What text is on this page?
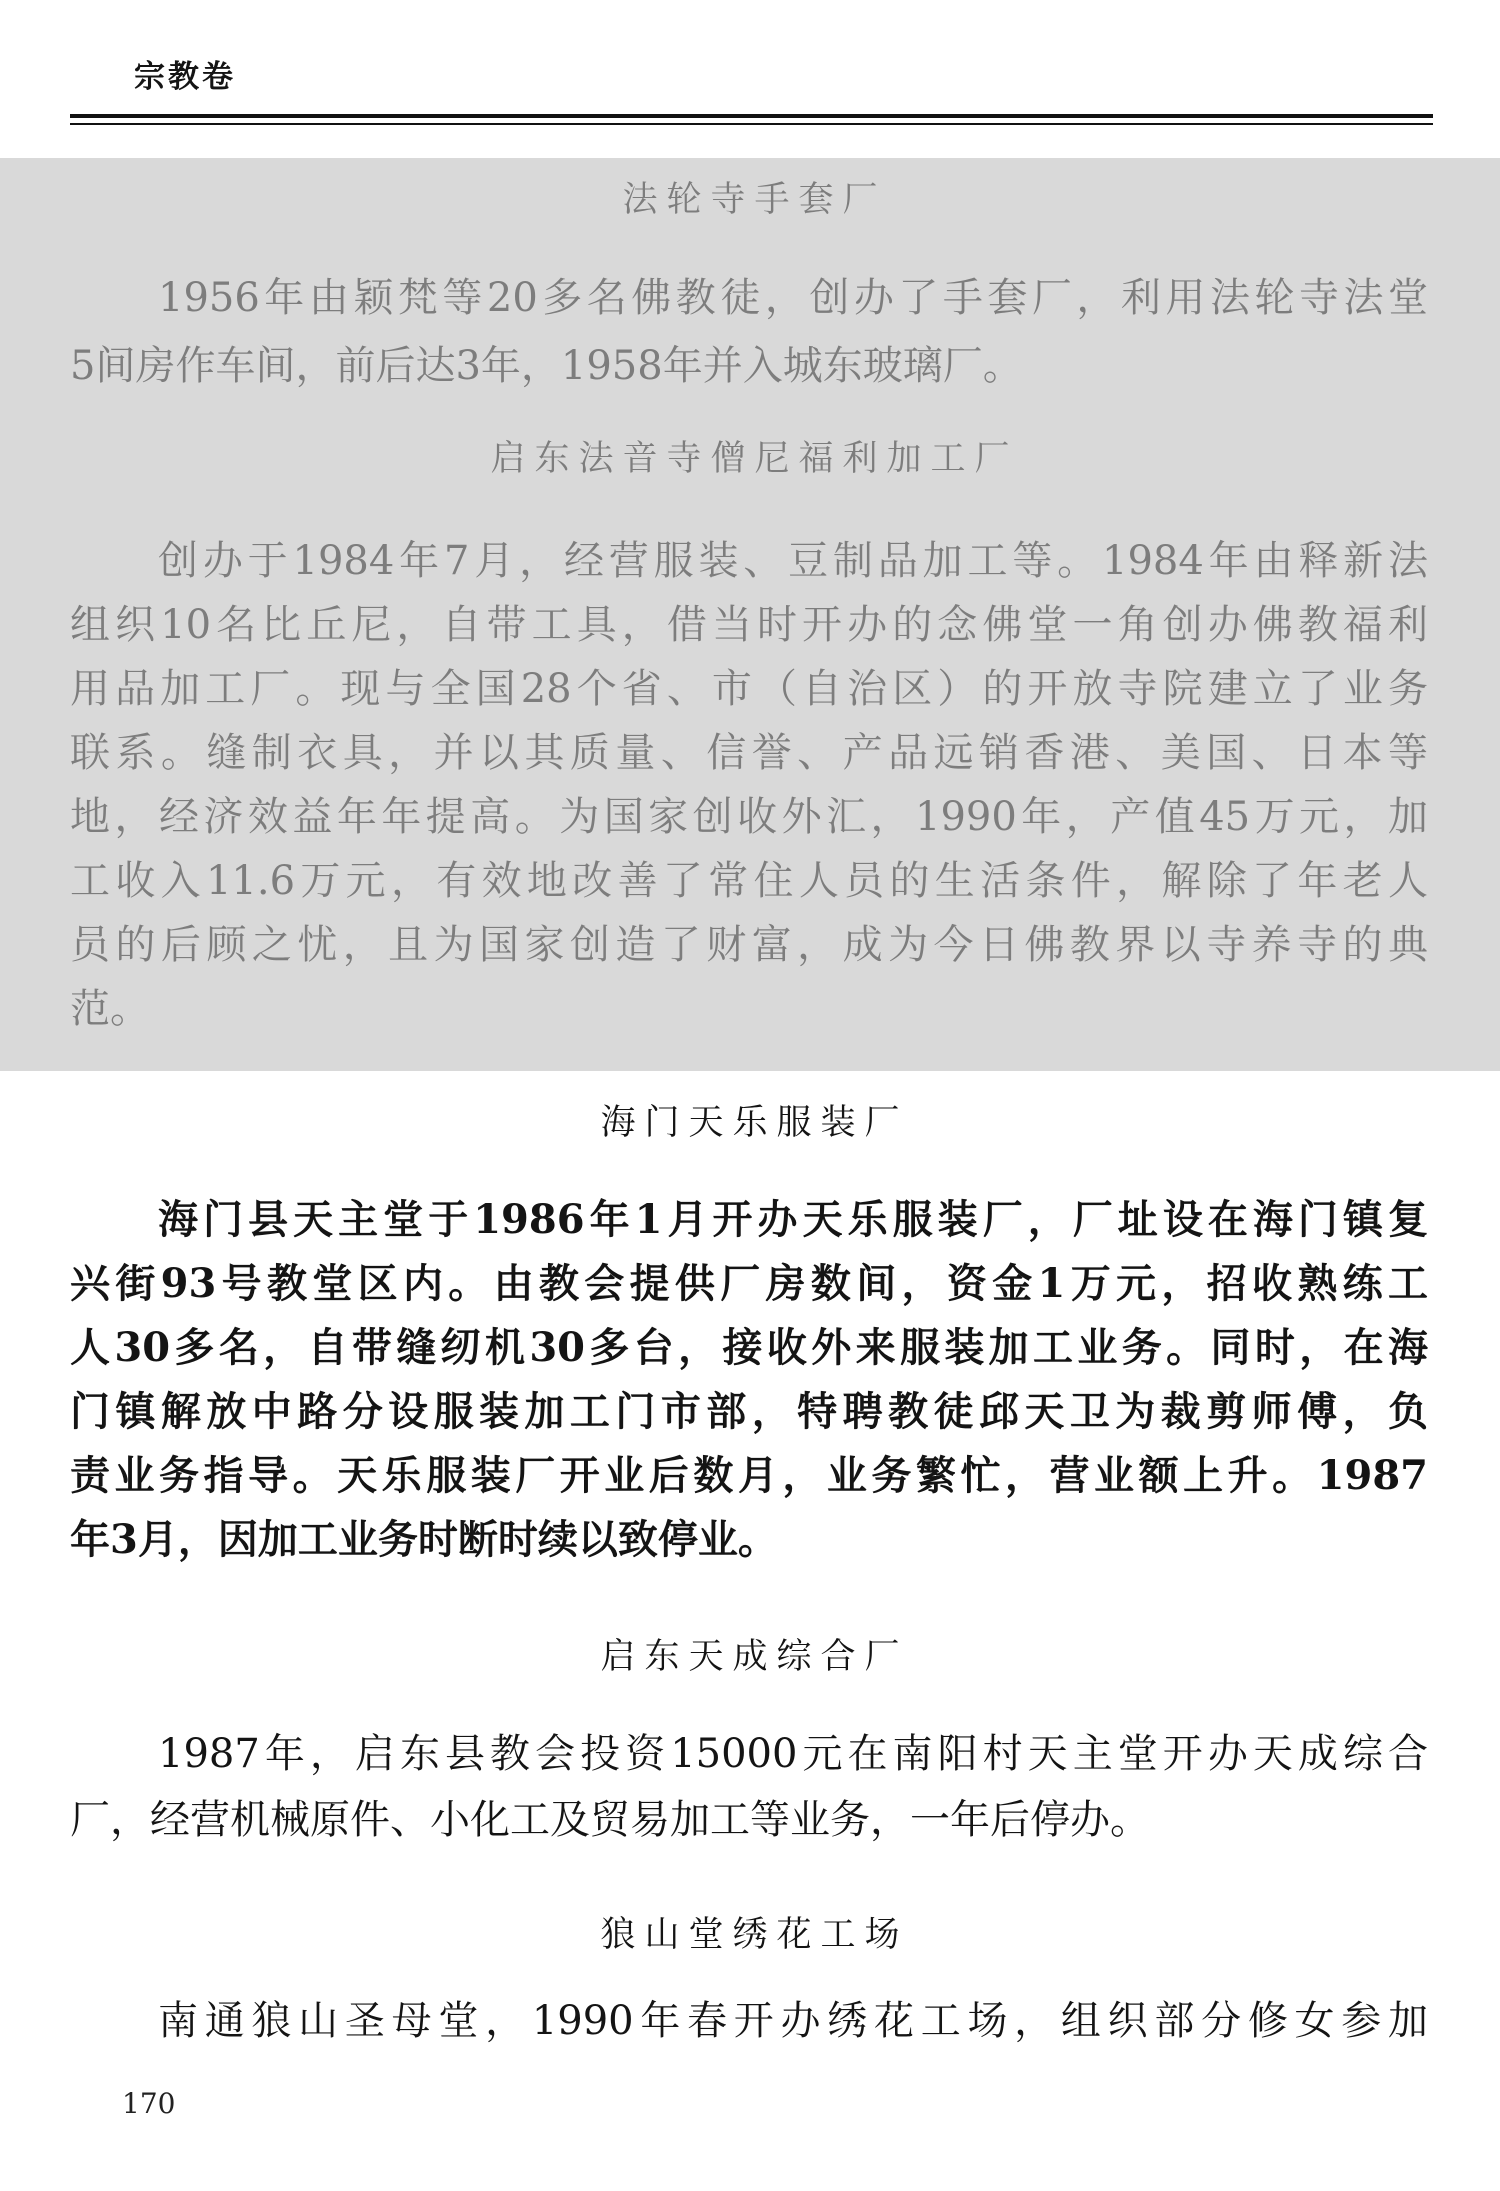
宗教卷
法轮寺手套厂
1956年由颖梵等20多名佛教徒，创办了手套厂，利用法轮寺法堂
5间房作车间，前后达3年，1958年并入城东玻璃厂。
启东法音寺僧尼福利加工厂
创办于1984年7月，经营服装、豆制品加工等。1984年由释新法
组织10名比丘尼，自带工具，借当时开办的念佛堂一角创办佛教福利
用品加工厂。现与全国28个省、市（自治区）的开放寺院建立了业务
联系。缝制衣具，并以其质量、信誉、产品远销香港、美国、日本等
地，经济效益年年提高。为国家创收外汇，1990年，产值45万元，加
工收入11.6万元，有效地改善了常住人员的生活条件，解除了年老人
员的后顾之忧，且为国家创造了财富，成为今日佛教界以寺养寺的典
范。
海门天乐服装厂
海门县天主堂于1986年1月开办天乐服装厂，厂址设在海门镇复
兴街93号教堂区内。由教会提供厂房数间，资金1万元，招收熟练工
人30多名，自带缝纫机30多台，接收外来服装加工业务。同时，在海
门镇解放中路分设服装加工门市部，特聘教徒邱天卫为裁剪师傅，负
责业务指导。天乐服装厂开业后数月，业务繁忙，营业额上升。1987
年3月，因加工业务时断时续以致停业。
启东天成综合厂
1987年，启东县教会投资15000元在南阳村天主堂开办天成综合
厂，经营机械原件、小化工及贸易加工等业务，一年后停办。
狼山堂绣花工场
南通狼山圣母堂，1990年春开办绣花工场，组织部分修女参加
170
